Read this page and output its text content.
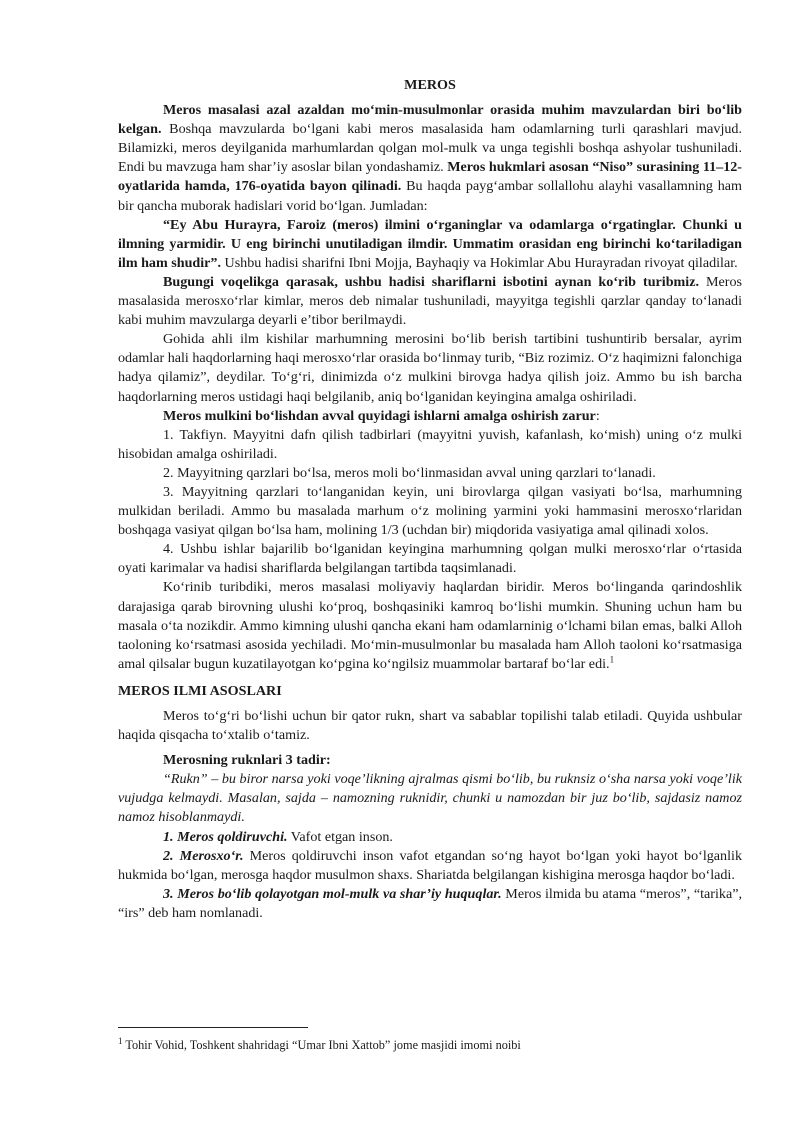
MEROS

Meros masalasi azal azaldan mo‘min-musulmonlar orasida muhim mavzulardan biri bo‘lib kelgan. Boshqa mavzularda bo‘lgani kabi meros masalasida ham odamlarning turli qarashlari mavjud. Bilamizki, meros deyilganida marhumlardan qolgan mol-mulk va unga tegishli boshqa ashyolar tushuniladi. Endi bu mavzuga ham shar’iy asoslar bilan yondashamiz. Meros hukmlari asosan “Niso” surasining 11–12-oyatlarida hamda, 176-oyatida bayon qilinadi. Bu haqda payg‘ambar sollallohu alayhi vasallamning ham bir qancha muborak hadislari vorid bo‘lgan. Jumladan:

“Ey Abu Hurayra, Faroiz (meros) ilmini o‘rganinglar va odamlarga o‘rgatinglar. Chunki u ilmning yarmidir. U eng birinchi unutiladigan ilmdir. Ummatim orasidan eng birinchi ko‘tariladigan ilm ham shudir”. Ushbu hadisi sharifni Ibni Mojja, Bayhaqiy va Hokimlar Abu Hurayradan rivoyat qiladilar.

Bugungi voqelikga qarasak, ushbu hadisi shariflarni isbotini aynan ko‘rib turibmiz. Meros masalasida merosxo‘rlar kimlar, meros deb nimalar tushuniladi, mayyitga tegishli qarzlar qanday to‘lanadi kabi muhim mavzularga deyarli e’tibor berilmaydi.

Gohida ahli ilm kishilar marhumning merosini bo‘lib berish tartibini tushuntirib bersalar, ayrim odamlar hali haqdorlarning haqi merosxo‘rlar orasida bo‘linmay turib, “Biz rozimiz. O‘z haqimizni falonchiga hadya qilamiz”, deydilar. To‘g‘ri, dinimizda o‘z mulkini birovga hadya qilish joiz. Ammo bu ish barcha haqdorlarning meros ustidagi haqi belgilanib, aniq bo‘lganidan keyingina amalga oshiriladi.

Meros mulkini bo‘lishdan avval quyidagi ishlarni amalga oshirish zarur:

1. Takfiyn. Mayyitni dafn qilish tadbirlari (mayyitni yuvish, kafanlash, ko‘mish) uning o‘z mulki hisobidan amalga oshiriladi.

2. Mayyitning qarzlari bo‘lsa, meros moli bo‘linmasidan avval uning qarzlari to‘lanadi.

3. Mayyitning qarzlari to‘langanidan keyin, uni birovlarga qilgan vasiyati bo‘lsa, marhumning mulkidan beriladi. Ammo bu masalada marhum o‘z molining yarmini yoki hammasini merosxo‘rlaridan boshqaga vasiyat qilgan bo‘lsa ham, molining 1/3 (uchdan bir) miqdorida vasiyatiga amal qilinadi xolos.

4. Ushbu ishlar bajarilib bo‘lganidan keyingina marhumning qolgan mulki merosxo‘rlar o‘rtasida oyati karimalar va hadisi shariflarda belgilangan tartibda taqsimlanadi.

Ko‘rinib turibdiki, meros masalasi moliyaviy haqlardan biridir. Meros bo‘linganda qarindoshlik darajasiga qarab birovning ulushi ko‘proq, boshqasiniki kamroq bo‘lishi mumkin. Shuning uchun ham bu masala o‘ta nozikdir. Ammo kimning ulushi qancha ekani ham odamlarninig o‘lchami bilan emas, balki Alloh taoloning ko‘rsatmasi asosida yechiladi. Mo‘min-musulmonlar bu masalada ham Alloh taoloni ko‘rsatmasiga amal qilsalar bugun kuzatilayotgan ko‘pgina ko‘ngilsiz muammolar bartaraf bo‘lar edi.$^1$

MEROS ILMI ASOSLARI

Meros to‘g‘ri bo‘lishi uchun bir qator rukn, shart va sabablar topilishi talab etiladi. Quyida ushbular haqida qisqacha to‘xtalib o‘tamiz.

Merosning ruknlari 3 tadir:

“Rukn” – bu biror narsa yoki voqe’likning ajralmas qismi bo‘lib, bu ruknsiz o‘sha narsa yoki voqe’lik vujudga kelmaydi. Masalan, sajda – namozning ruknidir, chunki u namozdan bir juz bo‘lib, sajdasiz namoz namoz hisoblanmaydi.

1. Meros qoldiruvchi. Vafot etgan inson.

2. Merosxo‘r. Meros qoldiruvchi inson vafot etgandan so‘ng hayot bo‘lgan yoki hayot bo‘lganlik hukmida bo‘lgan, merosga haqdor musulmon shaxs. Shariatda belgilangan kishigina merosga haqdor bo‘ladi.

3. Meros bo‘lib qolayotgan mol-mulk va shar’iy huquqlar. Meros ilmida bu atama “meros”, “tarika”, “irs” deb ham nomlanadi.

$^1$ Tohir Vohid, Toshkent shahridagi “Umar Ibni Xattob” jome masjidi imomi noibi
